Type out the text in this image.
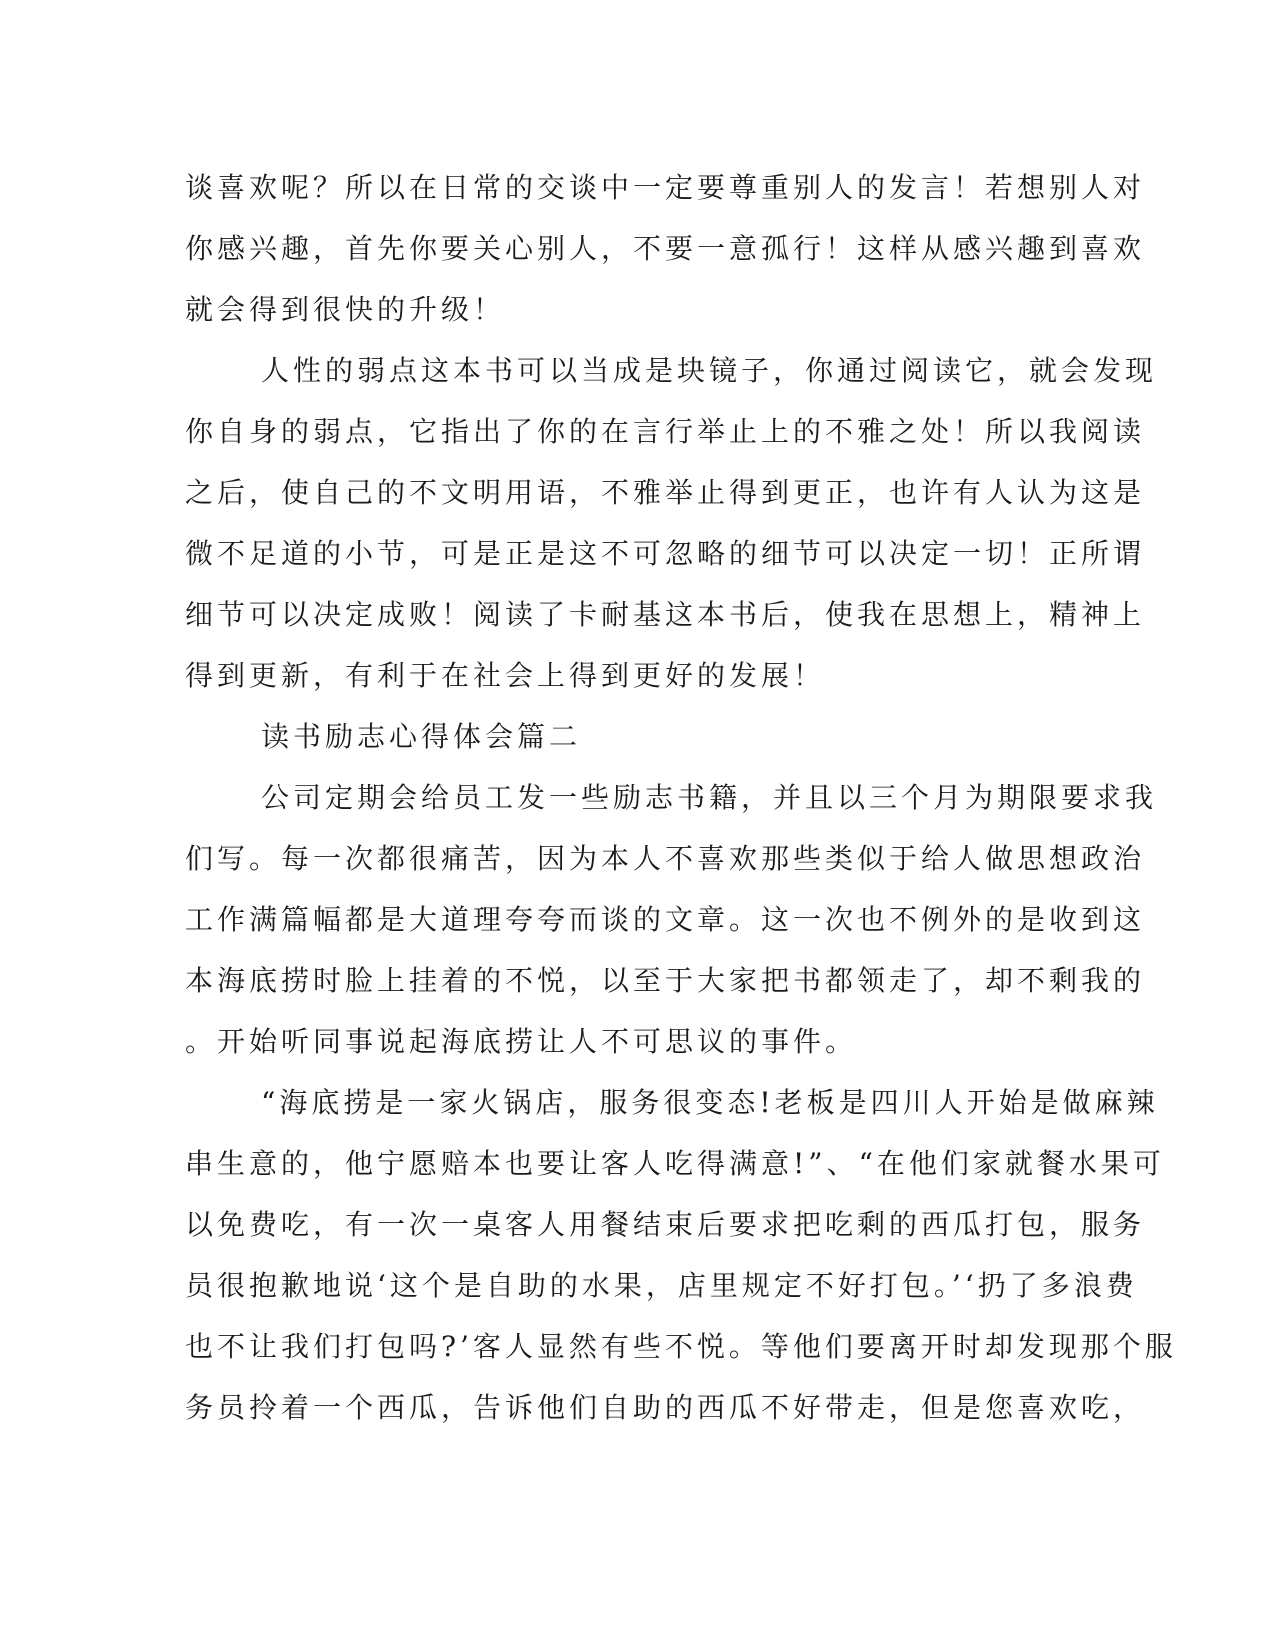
谈喜欢呢？所以在日常的交谈中一定要尊重别人的发言！若想别人对
你感兴趣，首先你要关心别人，不要一意孤行！这样从感兴趣到喜欢
就会得到很快的升级！
人性的弱点这本书可以当成是块镜子，你通过阅读它，就会发现
你自身的弱点，它指出了你的在言行举止上的不雅之处！所以我阅读
之后，使自己的不文明用语，不雅举止得到更正，也许有人认为这是
微不足道的小节，可是正是这不可忽略的细节可以决定一切！正所谓
细节可以决定成败！阅读了卡耐基这本书后，使我在思想上，精神上
得到更新，有利于在社会上得到更好的发展！
读书励志心得体会篇二
公司定期会给员工发一些励志书籍，并且以三个月为期限要求我
们写。每一次都很痛苦，因为本人不喜欢那些类似于给人做思想政治
工作满篇幅都是大道理夸夸而谈的文章。这一次也不例外的是收到这
本海底捞时脸上挂着的不悦，以至于大家把书都领走了，却不剩我的
。开始听同事说起海底捞让人不可思议的事件。
“海底捞是一家火锅店，服务很变态!老板是四川人开始是做麻辣
串生意的，他宁愿赔本也要让客人吃得满意!”、“在他们家就餐水果可
以免费吃，有一次一桌客人用餐结束后要求把吃剩的西瓜打包，服务
员很抱歉地说‘这个是自助的水果，店里规定不好打包。’‘扔了多浪费
也不让我们打包吗?’客人显然有些不悦。等他们要离开时却发现那个服
务员拎着一个西瓜，告诉他们自助的西瓜不好带走，但是您喜欢吃，
